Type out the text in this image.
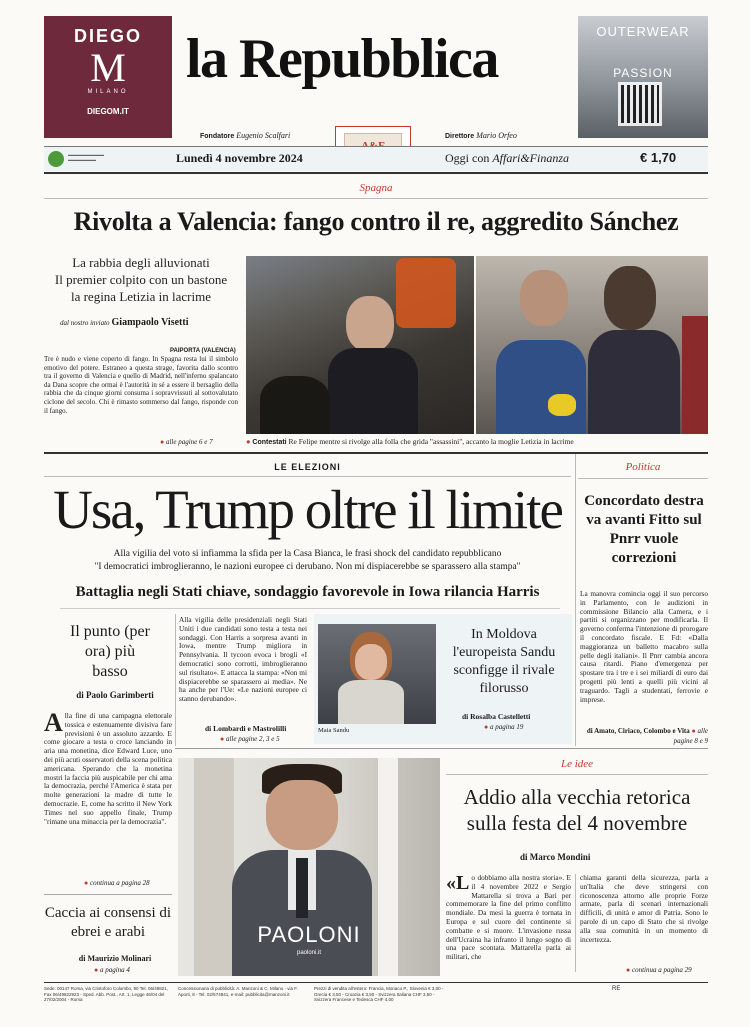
DIEGO
M
MILANO
DIEGOM.IT
la Repubblica
Fondatore Eugenio Scalfari	Direttore Mario Orfeo
OUTERWEAR
PASSION
▬▬▬▬▬▬▬▬▬
▬▬▬▬▬▬▬	Lunedì 4 novembre 2024	Oggi con Affari&Finanza	€ 1,70
Spagna
Rivolta a Valencia: fango contro il re, aggredito Sánchez
La rabbia degli alluvionati
Il premier colpito con un bastone
la regina Letizia in lacrime
dal nostro inviato Giampaolo Visetti
PAIPORTA (VALENCIA)
Tre è nudo e viene coperto di fango. In Spagna resta lui il simbolo emotivo del potere. Estraneo a questa strage, favorita dallo scontro tra il governo di Valencia e quello di Madrid, nell'inferno spalancato da Dana scopre che ormai è l'autorità in sé a essere il bersaglio della rabbia che da cinque giorni consuma i sopravvissuti al sottovalutato ciclone del secolo. Chi è rimasto sommerso dal fango, risponde con il fango.
● alle pagine 6 e 7	● Contestati Re Felipe mentre si rivolge alla folla che grida "assassini", accanto la moglie Letizia in lacrime
LE ELEZIONI
Usa, Trump oltre il limite
Alla vigilia del voto si infiamma la sfida per la Casa Bianca, le frasi shock del candidato repubblicano
"I democratici imbroglieranno, le nazioni europee ci derubano. Non mi dispiacerebbe se sparassero alla stampa"
Battaglia negli Stati chiave, sondaggio favorevole in Iowa rilancia Harris
Il punto (per ora) più basso
di Paolo Garimberti
A lla fine di una campagna elettorale tossica e estenuamente divisiva fare previsioni è un assoluto azzardo. E come giocare a testa o croce lanciando in aria una monetina, dice Edward Luce, uno dei più acuti osservatori della scena politica americana. Sperando che la monetina mostri la faccia più auspicabile per chi ama la democrazia, perché l'America è stata per molte generazioni la madre di tutte le democrazie. E, come ha scritto il New York Times nel suo appello finale, Trump "rimane una minaccia per la democrazia".
● continua a pagina 28
Caccia ai consensi di ebrei e arabi
di Maurizio Molinari
● a pagina 4
Alla vigilia delle presidenziali negli Stati Uniti i due candidati sono testa a testa nei sondaggi. Con Harris a sorpresa avanti in Iowa, mentre Trump migliora in Pennsylvania. Il tycoon evoca i brogli «I democratici sono corrotti, imbroglieranno sul risultato». E attacca la stampa: «Non mi dispiacerebbe se sparassero ai media». Ne ha anche per l'Ue: «Le nazioni europee ci stanno derubando».
di Lombardi e Mastrolilli
● alle pagine 2, 3 e 5
Maia Sandu
In Moldova l'europeista Sandu sconfigge il rivale filorusso
di Rosalba Castelletti
● a pagina 19
Politica
Concordato destra va avanti Fitto sul Pnrr vuole correzioni
La manovra comincia oggi il suo percorso in Parlamento, con le audizioni in commissione Bilancio alla Camera, e i partiti si organizzano per modificarla. Il governo conferma l'intenzione di prorogare il concordato fiscale. E Fd: «Dalla maggioranza un balletto macabro sulla pelle degli italiani». Il Pnrr cambia ancora causa ritardi. Piano d'emergenza per spostare tra i tre e i sei miliardi di euro dai progetti più lenti a quelli più vicini al traguardo. Tagli a studentati, ferrovie e imprese.
di Amato, Ciriaco, Colombo e Vita ● alle pagine 8 e 9
PAOLONI
paoloni.it
Le idee
Addio alla vecchia retorica sulla festa del 4 novembre
di Marco Mondini
«L o dobbiamo alla nostra storia». E il 4 novembre 2022 e Sergio Mattarella si trova a Bari per commemorare la fine del primo conflitto mondiale. Da mesi la guerra è tornata in Europa e sul cuore del continente si combatte e si muore. L'invasione russa dell'Ucraina ha infranto il lungo sogno di una pace scontata. Mattarella parla ai militari, che
chiama garanti della sicurezza, parla a un'Italia che deve stringersi con riconoscenza attorno alle proprie Forze armate, parla di scenari internazionali difficili, di unità e amor di Patria. Sono le parole di un capo di Stato che si rivolge alla sua comunità in un momento di incertezza.
● continua a pagina 29
Sede: 00147 Roma, via Cristoforo Colombo, 90 Tel. 06/49821, Fax 06/49822923 - Sped. Abb. Post., Art. 1, Legge 46/04 del 27/02/2004 - Roma
Concessionaria di pubblicità: A. Manzoni & C. Milano - via F. Aporti, 8 - Tel. 02/574941, e-mail: pubblicita@manzoni.it
Prezzi di vendita all'estero: Francia, Monaco P., Slovenia € 3,00 - Grecia € 3,50 - Croazia € 3,50 - Svizzera Italiana CHF 3,50 - Svizzera Francese e Tedesca CHF 4,00
RE
